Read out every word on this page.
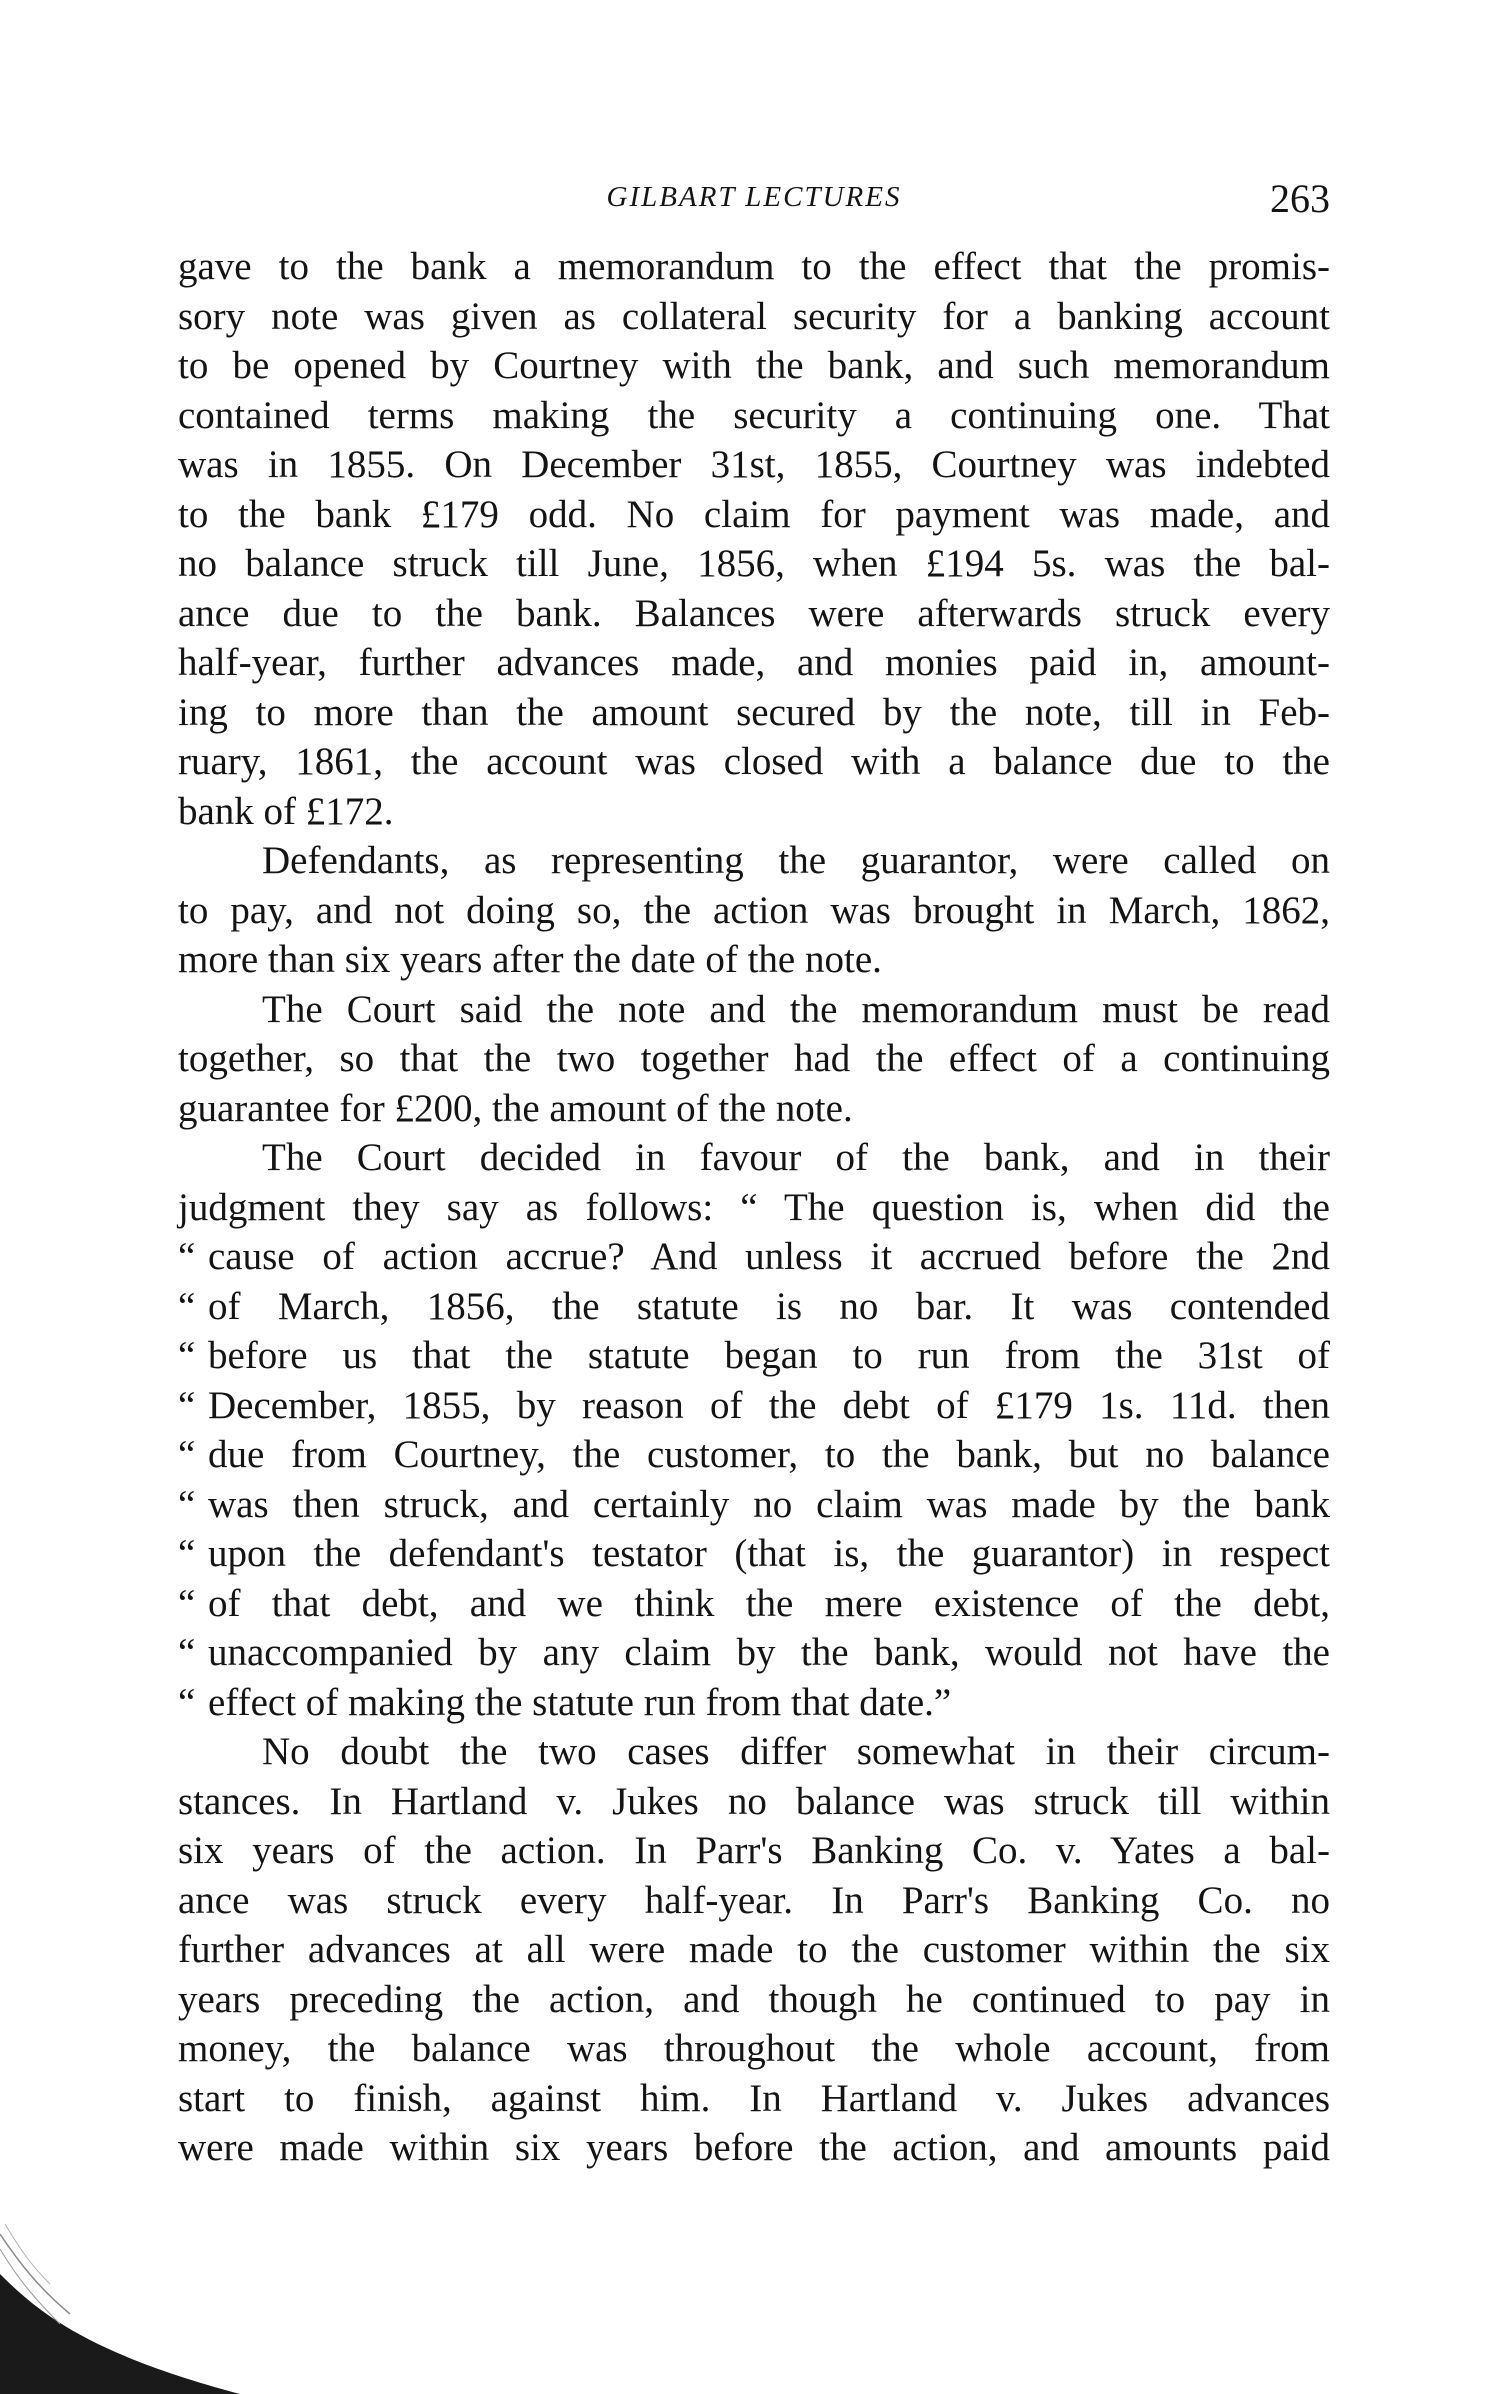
GILBART LECTURES	263

gave to the bank a memorandum to the effect that the promis-
sory note was given as collateral security for a banking account
to be opened by Courtney with the bank, and such memorandum
contained terms making the security a continuing one. That
was in 1855. On December 31st, 1855, Courtney was indebted
to the bank £179 odd. No claim for payment was made, and
no balance struck till June, 1856, when £194 5s. was the bal-
ance due to the bank. Balances were afterwards struck every
half-year, further advances made, and monies paid in, amount-
ing to more than the amount secured by the note, till in Feb-
ruary, 1861, the account was closed with a balance due to the
bank of £172.

Defendants, as representing the guarantor, were called on
to pay, and not doing so, the action was brought in March, 1862,
more than six years after the date of the note.

The Court said the note and the memorandum must be read
together, so that the two together had the effect of a continuing
guarantee for £200, the amount of the note.

The Court decided in favour of the bank, and in their
judgment they say as follows: “ The question is, when did the
“ cause of action accrue? And unless it accrued before the 2nd
“ of March, 1856, the statute is no bar. It was contended
“ before us that the statute began to run from the 31st of
“ December, 1855, by reason of the debt of £179 1s. 11d. then
“ due from Courtney, the customer, to the bank, but no balance
“ was then struck, and certainly no claim was made by the bank
“ upon the defendant's testator (that is, the guarantor) in respect
“ of that debt, and we think the mere existence of the debt,
“ unaccompanied by any claim by the bank, would not have the
“ effect of making the statute run from that date.”

No doubt the two cases differ somewhat in their circum-
stances. In Hartland v. Jukes no balance was struck till within
six years of the action. In Parr's Banking Co. v. Yates a bal-
ance was struck every half-year. In Parr's Banking Co. no
further advances at all were made to the customer within the six
years preceding the action, and though he continued to pay in
money, the balance was throughout the whole account, from
start to finish, against him. In Hartland v. Jukes advances
were made within six years before the action, and amounts paid
